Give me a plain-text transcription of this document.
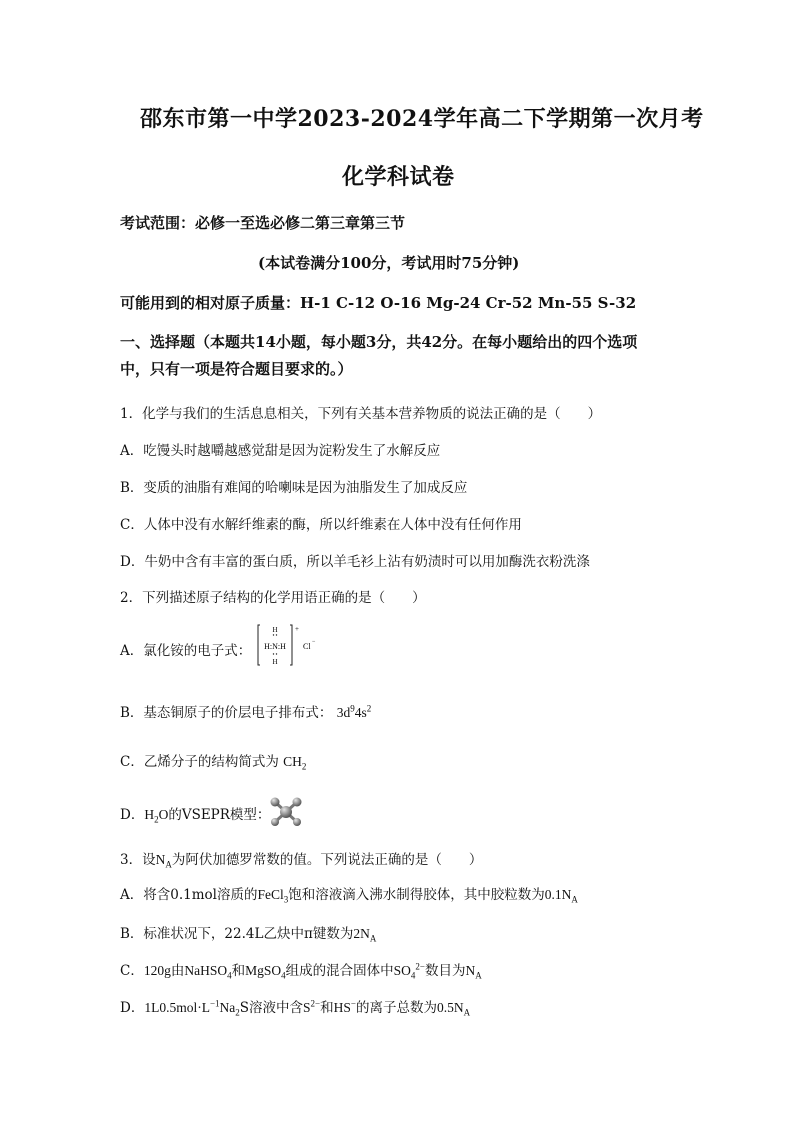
邵东市第一中学2023-2024学年高二下学期第一次月考
化学科试卷
考试范围：必修一至选必修二第三章第三节
(本试卷满分100分，考试用时75分钟)
可能用到的相对原子质量：H-1 C-12 O-16 Mg-24 Cr-52 Mn-55 S-32
一、选择题（本题共14小题，每小题3分，共42分。在每小题给出的四个选项
中，只有一项是符合题目要求的。）
1．化学与我们的生活息息相关，下列有关基本营养物质的说法正确的是（　　）
A．吃馒头时越嚼越感觉甜是因为淀粉发生了水解反应
B．变质的油脂有难闻的哈喇味是因为油脂发生了加成反应
C．人体中没有水解纤维素的酶，所以纤维素在人体中没有任何作用
D．牛奶中含有丰富的蛋白质，所以羊毛衫上沾有奶渍时可以用加酶洗衣粉洗涤
2．下列描述原子结构的化学用语正确的是（　　）
A．氯化铵的电子式：
H
H:N:H
H
+
Cl −
B．基态铜原子的价层电子排布式： $3d^94s^2$
C．乙烯分子的结构简式为 $CH_2$
D．$H_2O$的VSEPR模型：
3．设$N_A$为阿伏加德罗常数的值。下列说法正确的是（　　）
A．将含0.1mol溶质的FeCl$_3$饱和溶液滴入沸水制得胶体，其中胶粒数为$0.1N_A$
B．标准状况下，22.4L乙炔中π键数为$2N_A$
C．120g由NaHSO$_4$和MgSO$_4$组成的混合固体中$SO_4^{2-}$数目为$N_A$
D．$1L0.5mol\cdot L^{-1}Na_2S$溶液中含$S^{2-}$和HS−的离子总数为$0.5N_A$
